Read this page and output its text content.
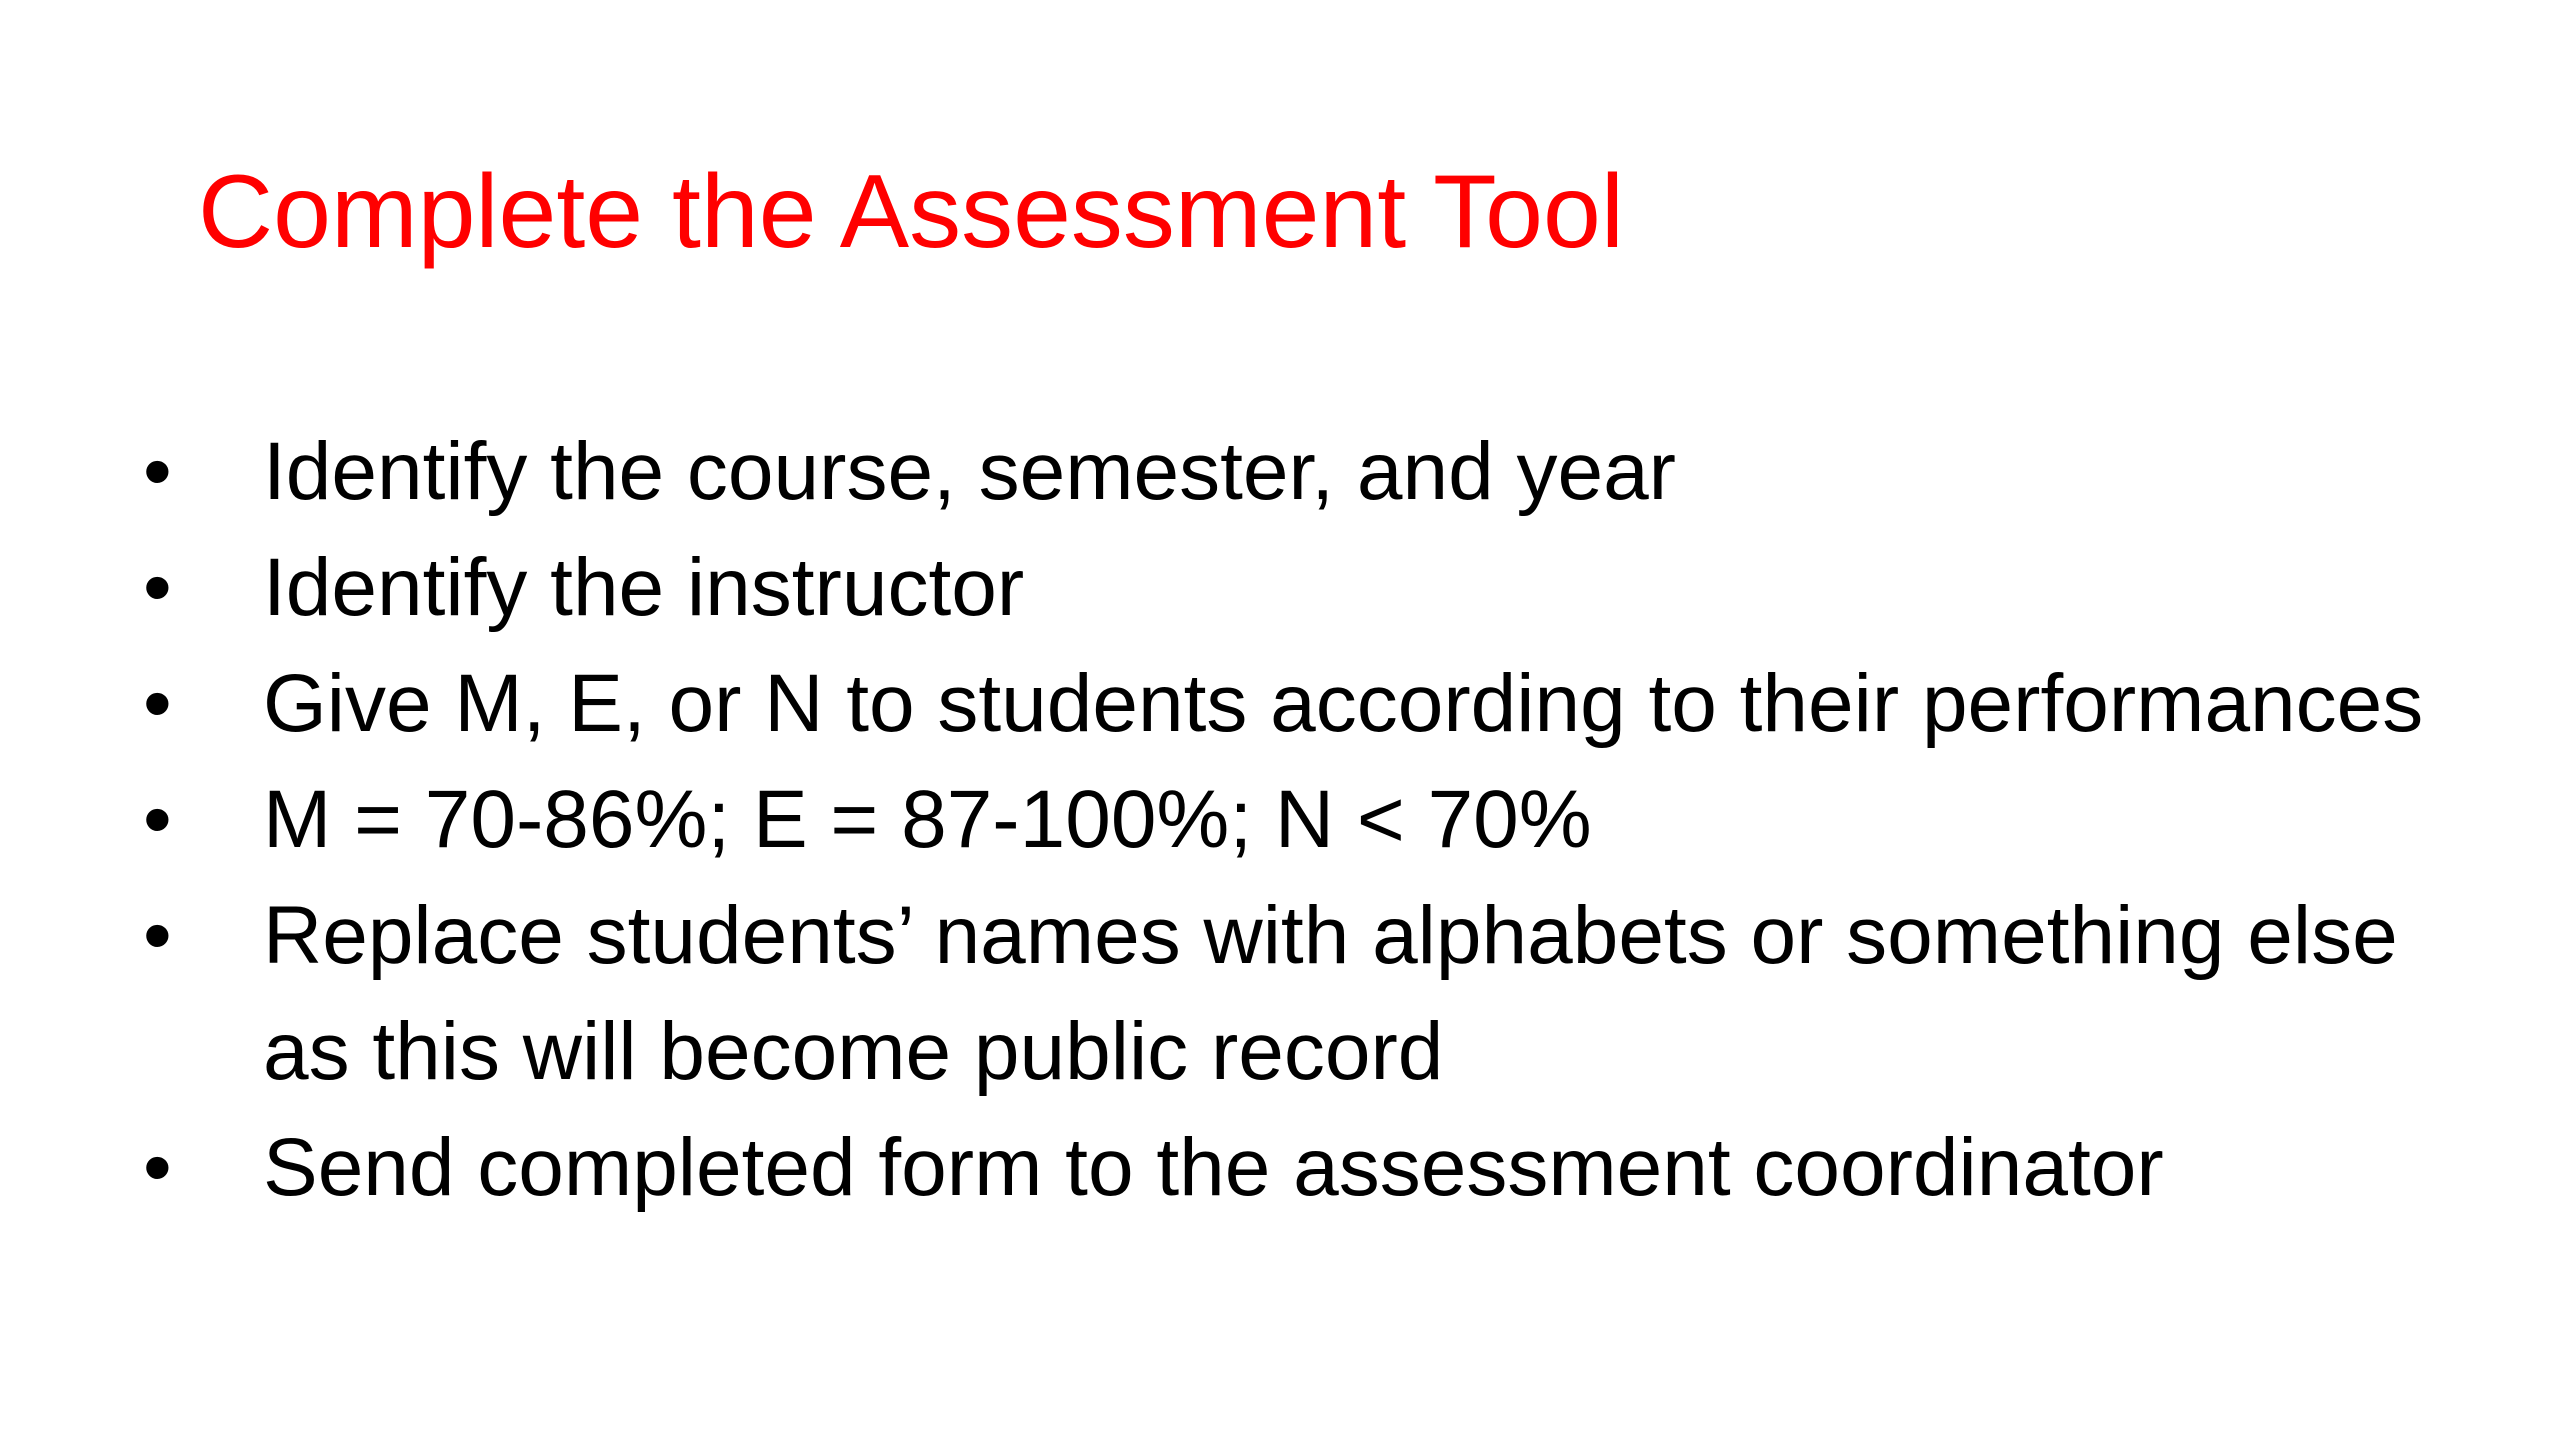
Complete the Assessment Tool
•	Identify the course, semester, and year
•	Identify the instructor
•	Give M, E, or N to students according to their performances
•	M = 70-86%; E = 87-100%; N < 70%
•	Replace students’ names with alphabets or something else as this will become public record
•	Send completed form to the assessment coordinator
